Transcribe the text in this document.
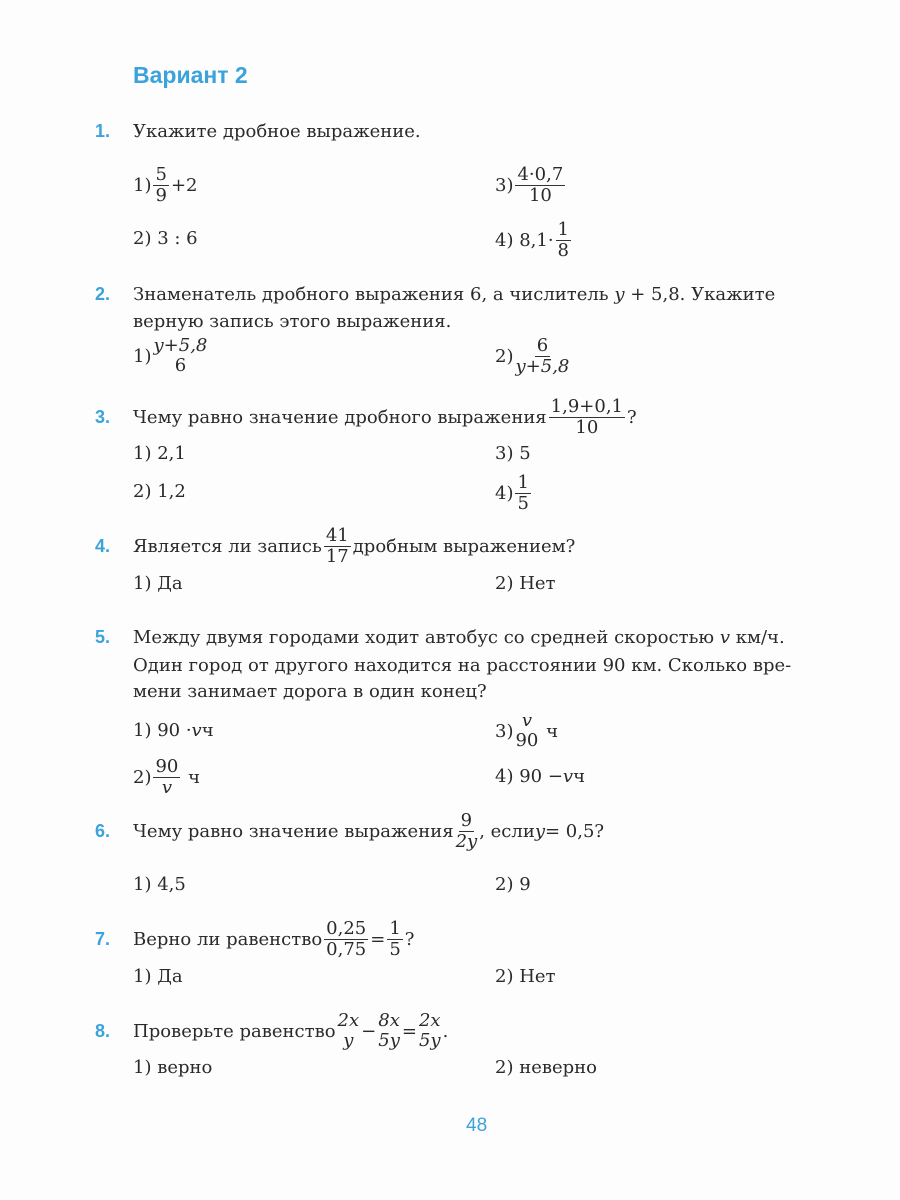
Вариант 2
1. Укажите дробное выражение.
$1) \frac{5}{9} +2$
2) 3 : 6
$3) \frac{4\cdot 0,7}{10}$
4) $8,1\cdot \frac{1}{8}$
2. Знаменатель дробного выражения 6, а числитель y + 5,8. Укажите
верную запись этого выражения.
1) y+5,8
6	$2) \frac{6}{y+5,8}$
3. Чему равно значение дробного выражения $\frac{1,9+0,1}{10}$ ?
1) 2,1
2) 1,2
3) 5
$4) \frac{1}{5}$
4. Является ли запись $\frac{41}{17}$ дробным выражением?
1) Да	2) Нет
5. Между двумя городами ходит автобус со средней скоростью v км/ч.
Один город от другого находится на расстоянии 90 км. Сколько вре-
мени занимает дорога в один конец?
1) 90 · v ч
$2) \frac{90}{v}$
ч
3) v
90
ч
4) 90 − v ч
6. Чему равно значение выражения $\frac{9}{2y}$ , если y = 0,5?
1) 4,5	2) 9
7. Верно ли равенство $\frac{0,25}{0,75} = \frac{1}{5}$ ?
1) Да	2) Нет
8. Проверьте равенство 2x
y − 8x
5y = 2x
5y .
1) верно	2) неверно
48
